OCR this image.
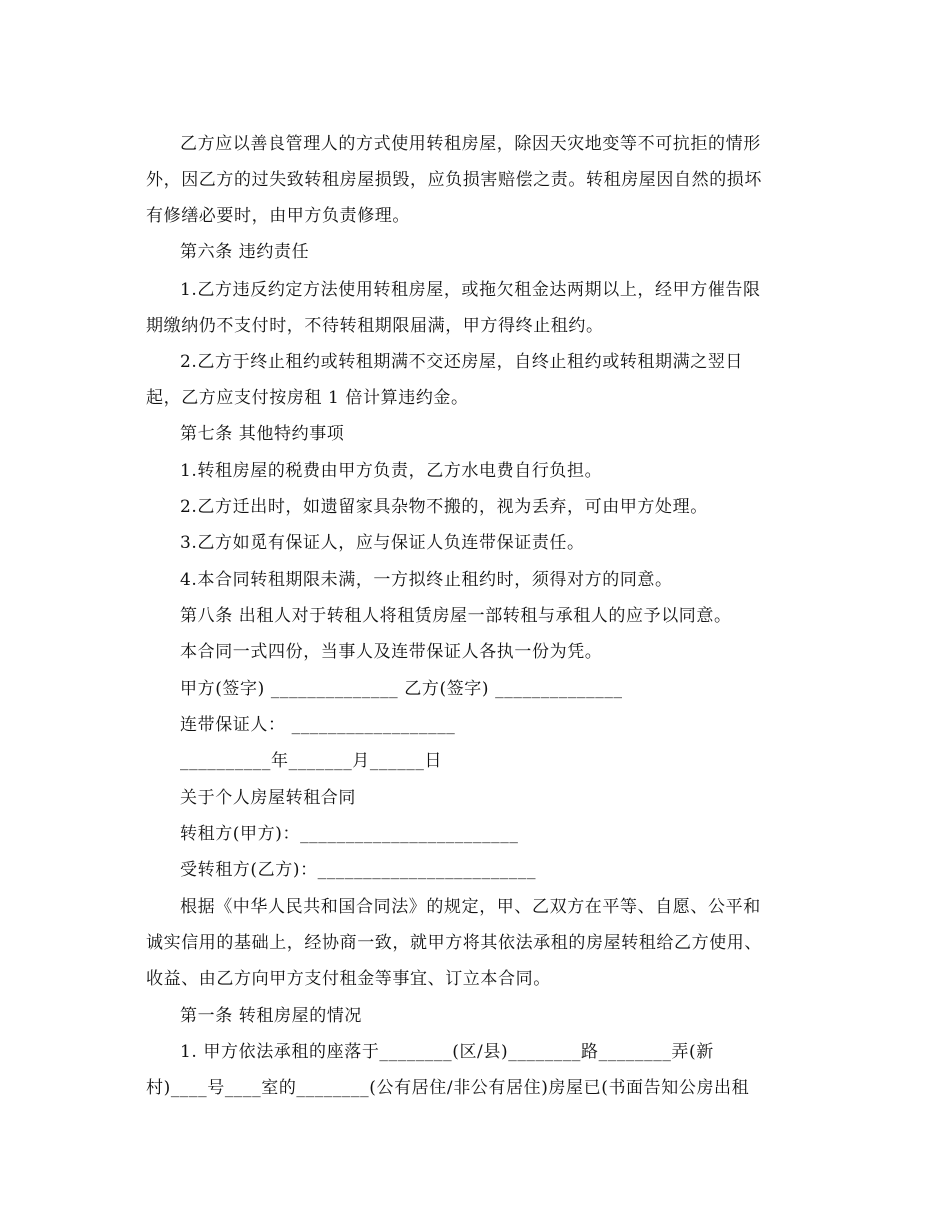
乙方应以善良管理人的方式使用转租房屋，除因天灾地变等不可抗拒的情形
外，因乙方的过失致转租房屋损毁，应负损害赔偿之责。转租房屋因自然的损坏
有修缮必要时，由甲方负责修理。
第六条 违约责任
1.乙方违反约定方法使用转租房屋，或拖欠租金达两期以上，经甲方催告限
期缴纳仍不支付时，不待转租期限届满，甲方得终止租约。
2.乙方于终止租约或转租期满不交还房屋，自终止租约或转租期满之翌日
起，乙方应支付按房租 1 倍计算违约金。
第七条 其他特约事项
1.转租房屋的税费由甲方负责，乙方水电费自行负担。
2.乙方迁出时，如遗留家具杂物不搬的，视为丢弃，可由甲方处理。
3.乙方如觅有保证人，应与保证人负连带保证责任。
4.本合同转租期限未满，一方拟终止租约时，须得对方的同意。
第八条 出租人对于转租人将租赁房屋一部转租与承租人的应予以同意。
本合同一式四份，当事人及连带保证人各执一份为凭。
甲方(签字) ______________ 乙方(签字) ______________
连带保证人： __________________
__________年_______月______日
关于个人房屋转租合同
转租方(甲方)：________________________
受转租方(乙方)：________________________
根据《中华人民共和国合同法》的规定，甲、乙双方在平等、自愿、公平和
诚实信用的基础上，经协商一致，就甲方将其依法承租的房屋转租给乙方使用、
收益、由乙方向甲方支付租金等事宜、订立本合同。
第一条 转租房屋的情况
1. 甲方依法承租的座落于________(区/县)________路________弄(新
村)____号____室的________(公有居住/非公有居住)房屋已(书面告知公房出租
